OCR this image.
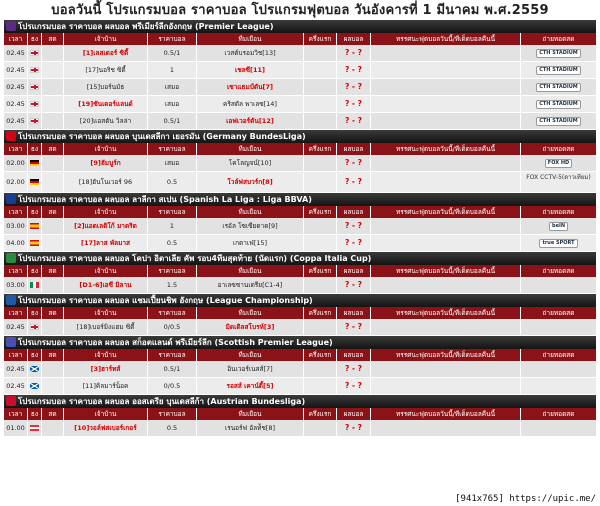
บอลวันนี้ โปรแกรมบอล ราคาบอล โปรแกรมฟุตบอล วันอังคารที่ 1 มีนาคม พ.ศ.2559
โปรแกรมบอล ราคาบอล ผลบอล พรีเมียร์ลีกอังกฤษ (Premier League)
เวลา	ธง	สด	เจ้าบ้าน	ราคาบอล	ทีมเยือน	ครึ่งแรก	ผลบอล	ทรรศนะฟุตบอลวันนี้/ทีเด็ดบอลคืนนี้	ถ่ายทอดสด
02.45	[1]เลสเตอร์ ซิตี้	0.5/1	เวสต์บรอมวิช[13]	? - ?	CTH STADIUM
02.45	[17]นอริช ซิตี้	1	เชลซี[11]	? - ?	CTH STADIUM
02.45	[15]บอร์นมัธ	เสมอ	เซาแธมป์ตัน[7]	? - ?	CTH STADIUM
02.45	[19]ซันเดอร์แลนด์	เสมอ	คริสตัล พาเลซ[14]	? - ?	CTH STADIUM
02.45	[20]แอสตัน วิลล่า	0.5/1	เอฟเวอร์ตัน[12]	? - ?	CTH STADIUM
โปรแกรมบอล ราคาบอล ผลบอล บุนเดสลีกา เยอรมัน (Germany BundesLiga)
เวลา	ธง	สด	เจ้าบ้าน	ราคาบอล	ทีมเยือน	ครึ่งแรก	ผลบอล	ทรรศนะฟุตบอลวันนี้/ทีเด็ดบอลคืนนี้	ถ่ายทอดสด
02.00	[9]ฮัมบูร์ก	เสมอ	โคโลญจน์[10]	? - ?	FOX HD
02.00	[18]ฮันโนเวอร์ 96	0.5	โวล์ฟสบวร์ก[8]	? - ?	FOX CCTV-5(ดาวเทียม)
โปรแกรมบอล ราคาบอล ผลบอล ลาลีกา สเปน (Spanish La Liga : Liga BBVA)
เวลา	ธง	สด	เจ้าบ้าน	ราคาบอล	ทีมเยือน	ครึ่งแรก	ผลบอล	ทรรศนะฟุตบอลวันนี้/ทีเด็ดบอลคืนนี้	ถ่ายทอดสด
03.00	[2]แอตเลติโก้ มาดริด	1	เรอัล โซเซียดาด[9]	? - ?	beIN
04.00	[17]ลาส พัลมาส	0.5	เกตาเฟ่[15]	? - ?	true SPORT
โปรแกรมบอล ราคาบอล ผลบอล โคปา อิตาเลีย คัพ รอบ4ทีมสุดท้าย (นัดแรก) (Coppa Italia Cup)
เวลา	ธง	สด	เจ้าบ้าน	ราคาบอล	ทีมเยือน	ครึ่งแรก	ผลบอล	ทรรศนะฟุตบอลวันนี้/ทีเด็ดบอลคืนนี้	ถ่ายทอดสด
03.00	[D1-6]เอซี มิลาน	1.5	อาเลซซานเดรีย[C1-4]	? - ?
โปรแกรมบอล ราคาบอล ผลบอล แชมเปี้ยนชิพ อังกฤษ (League Championship)
เวลา	ธง	สด	เจ้าบ้าน	ราคาบอล	ทีมเยือน	ครึ่งแรก	ผลบอล	ทรรศนะฟุตบอลวันนี้/ทีเด็ดบอลคืนนี้	ถ่ายทอดสด
02.45	[18]เบอร์มิงแฮม ซิตี้	0/0.5	มิดเดิลสโบรห์[3]	? - ?
โปรแกรมบอล ราคาบอล ผลบอล สก็อตแลนด์ พรีเมียร์ลีก (Scottish Premier League)
เวลา	ธง	สด	เจ้าบ้าน	ราคาบอล	ทีมเยือน	ครึ่งแรก	ผลบอล	ทรรศนะฟุตบอลวันนี้/ทีเด็ดบอลคืนนี้	ถ่ายทอดสด
02.45	[3]ฮาร์ทส์	0.5/1	อินเวอร์เนสส์[7]	? - ?
02.45	[11]คิลมาร์น็อค	0/0.5	รอสส์ เคาน์ตี้[5]	? - ?
โปรแกรมบอล ราคาบอล ผลบอล ออสเตรีย บุนเดสลีก้า (Austrian Bundesliga)
เวลา	ธง	สด	เจ้าบ้าน	ราคาบอล	ทีมเยือน	ครึ่งแรก	ผลบอล	ทรรศนะฟุตบอลวันนี้/ทีเด็ดบอลคืนนี้	ถ่ายทอดสด
01.00	[10]วอล์ฟสเบอร์เกอร์	0.5	เรนอร์ฟ อัลท์ัช[8]	? - ?
[941x765] https://upic.me/
